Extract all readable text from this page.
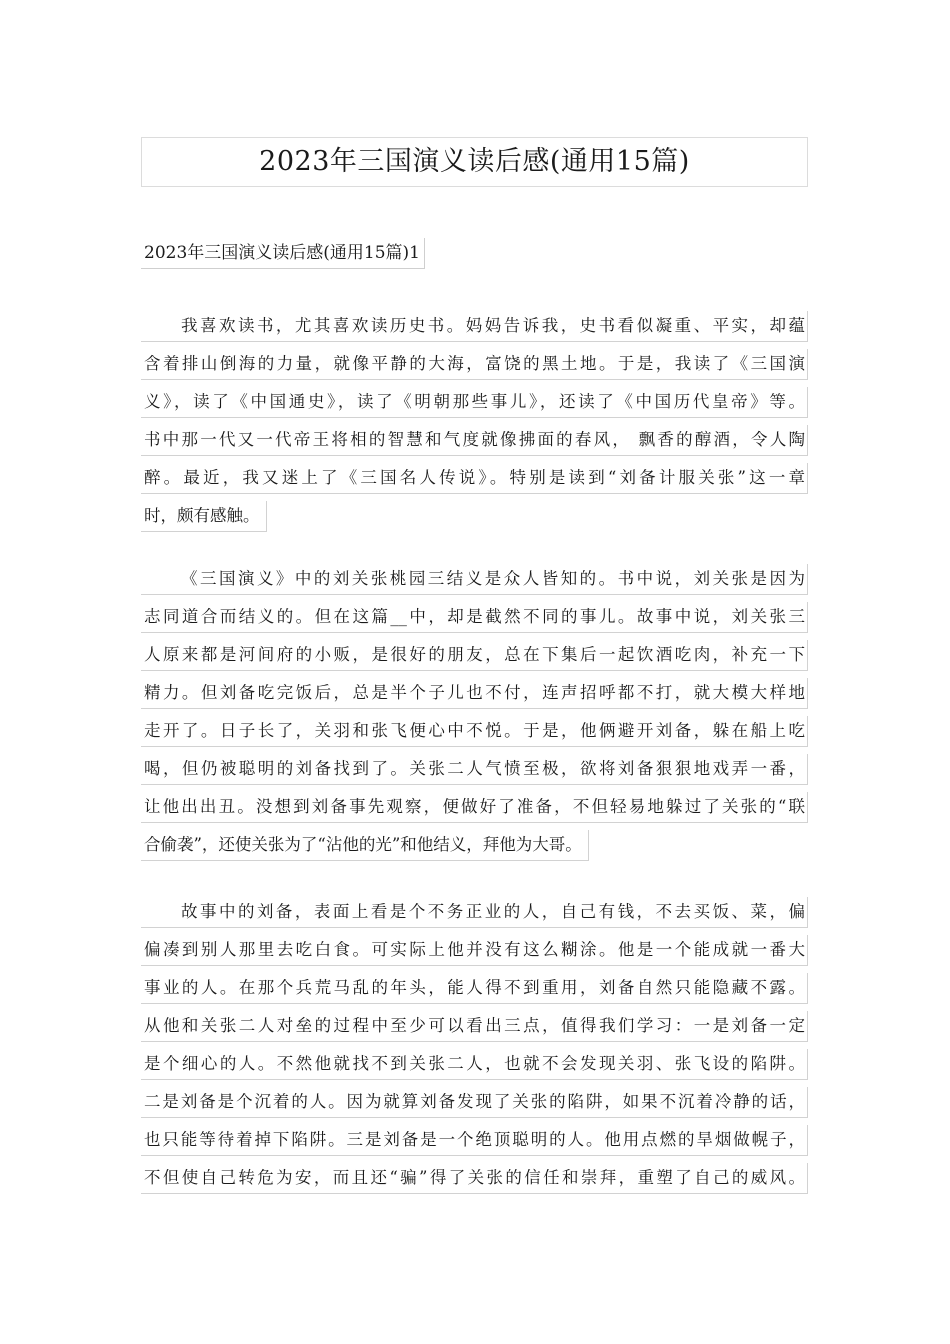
2023年三国演义读后感(通用15篇)
2023年三国演义读后感(通用15篇)1
我喜欢读书，尤其喜欢读历史书。妈妈告诉我，史书看似凝重、平实，却蕴
含着排山倒海的力量，就像平静的大海，富饶的黑土地。于是，我读了《三国演
义》，读了《中国通史》，读了《明朝那些事儿》，还读了《中国历代皇帝》等。
书中那一代又一代帝王将相的智慧和气度就像拂面的春风， 飘香的醇酒，令人陶
醉。最近，我又迷上了《三国名人传说》。特别是读到“刘备计服关张”这一章
时，颇有感触。
《三国演义》中的刘关张桃园三结义是众人皆知的。书中说，刘关张是因为
志同道合而结义的。但在这篇__中，却是截然不同的事儿。故事中说，刘关张三
人原来都是河间府的小贩，是很好的朋友，总在下集后一起饮酒吃肉，补充一下
精力。但刘备吃完饭后，总是半个子儿也不付，连声招呼都不打，就大模大样地
走开了。日子长了，关羽和张飞便心中不悦。于是，他俩避开刘备，躲在船上吃
喝，但仍被聪明的刘备找到了。关张二人气愤至极，欲将刘备狠狠地戏弄一番，
让他出出丑。没想到刘备事先观察，便做好了准备，不但轻易地躲过了关张的“联
合偷袭”，还使关张为了“沾他的光”和他结义，拜他为大哥。
故事中的刘备，表面上看是个不务正业的人，自己有钱，不去买饭、菜，偏
偏凑到别人那里去吃白食。可实际上他并没有这么糊涂。他是一个能成就一番大
事业的人。在那个兵荒马乱的年头，能人得不到重用，刘备自然只能隐藏不露。
从他和关张二人对垒的过程中至少可以看出三点，值得我们学习：一是刘备一定
是个细心的人。不然他就找不到关张二人，也就不会发现关羽、张飞设的陷阱。
二是刘备是个沉着的人。因为就算刘备发现了关张的陷阱，如果不沉着冷静的话，
也只能等待着掉下陷阱。三是刘备是一个绝顶聪明的人。他用点燃的旱烟做幌子，
不但使自己转危为安，而且还“骗”得了关张的信任和崇拜，重塑了自己的威风。
